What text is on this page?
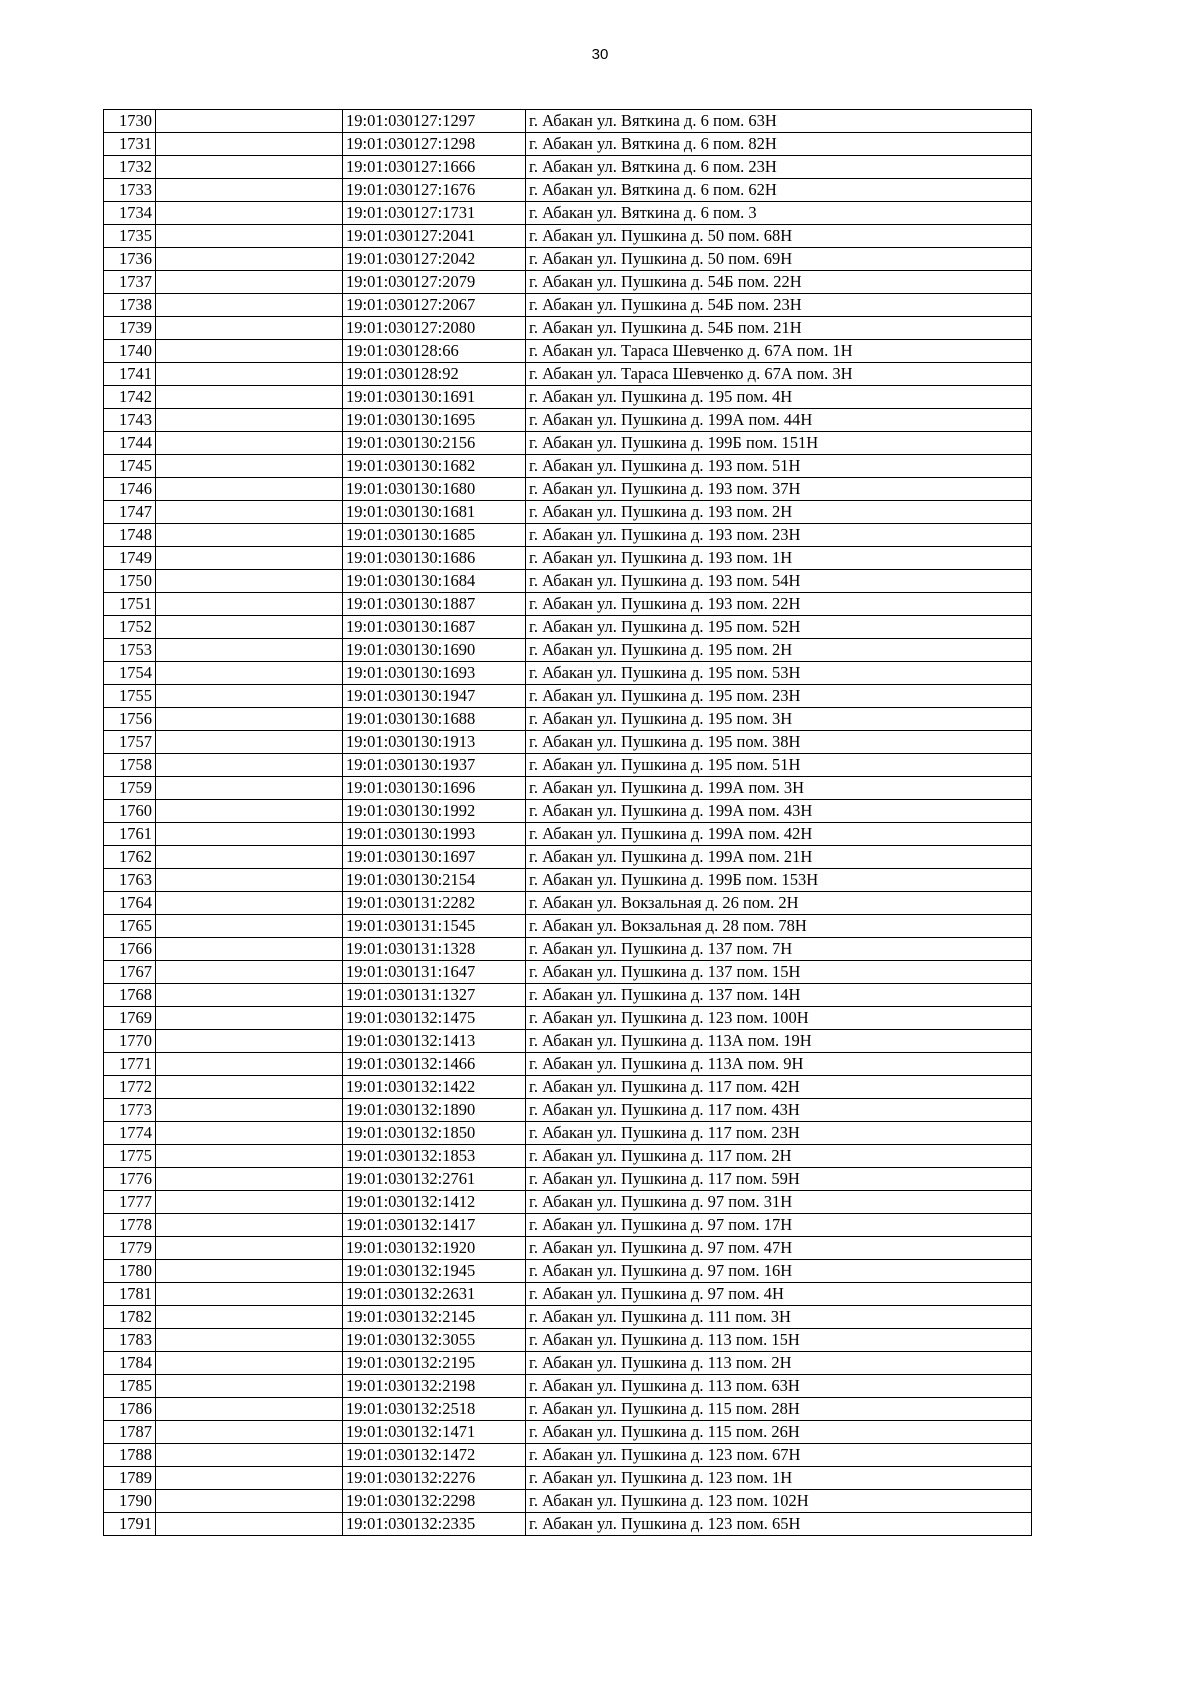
30
1730		19:01:030127:1297	г. Абакан ул. Вяткина д. 6 пом. 63Н
1731		19:01:030127:1298	г. Абакан ул. Вяткина д. 6 пом. 82Н
1732		19:01:030127:1666	г. Абакан ул. Вяткина д. 6 пом. 23Н
1733		19:01:030127:1676	г. Абакан ул. Вяткина д. 6 пом. 62Н
1734		19:01:030127:1731	г. Абакан ул. Вяткина д. 6 пом. 3
1735		19:01:030127:2041	г. Абакан ул. Пушкина д. 50 пом. 68Н
1736		19:01:030127:2042	г. Абакан ул. Пушкина д. 50 пом. 69Н
1737		19:01:030127:2079	г. Абакан ул. Пушкина д. 54Б пом. 22Н
1738		19:01:030127:2067	г. Абакан ул. Пушкина д. 54Б пом. 23Н
1739		19:01:030127:2080	г. Абакан ул. Пушкина д. 54Б пом. 21Н
1740		19:01:030128:66	г. Абакан ул. Тараса Шевченко д. 67А пом. 1Н
1741		19:01:030128:92	г. Абакан ул. Тараса Шевченко д. 67А пом. 3Н
1742		19:01:030130:1691	г. Абакан ул. Пушкина д. 195 пом. 4Н
1743		19:01:030130:1695	г. Абакан ул. Пушкина д. 199А пом. 44Н
1744		19:01:030130:2156	г. Абакан ул. Пушкина д. 199Б пом. 151Н
1745		19:01:030130:1682	г. Абакан ул. Пушкина д. 193 пом. 51Н
1746		19:01:030130:1680	г. Абакан ул. Пушкина д. 193 пом. 37Н
1747		19:01:030130:1681	г. Абакан ул. Пушкина д. 193 пом. 2Н
1748		19:01:030130:1685	г. Абакан ул. Пушкина д. 193 пом. 23Н
1749		19:01:030130:1686	г. Абакан ул. Пушкина д. 193 пом. 1Н
1750		19:01:030130:1684	г. Абакан ул. Пушкина д. 193 пом. 54Н
1751		19:01:030130:1887	г. Абакан ул. Пушкина д. 193 пом. 22Н
1752		19:01:030130:1687	г. Абакан ул. Пушкина д. 195 пом. 52Н
1753		19:01:030130:1690	г. Абакан ул. Пушкина д. 195 пом. 2Н
1754		19:01:030130:1693	г. Абакан ул. Пушкина д. 195 пом. 53Н
1755		19:01:030130:1947	г. Абакан ул. Пушкина д. 195 пом. 23Н
1756		19:01:030130:1688	г. Абакан ул. Пушкина д. 195 пом. 3Н
1757		19:01:030130:1913	г. Абакан ул. Пушкина д. 195 пом. 38Н
1758		19:01:030130:1937	г. Абакан ул. Пушкина д. 195 пом. 51Н
1759		19:01:030130:1696	г. Абакан ул. Пушкина д. 199А пом. 3Н
1760		19:01:030130:1992	г. Абакан ул. Пушкина д. 199А пом. 43Н
1761		19:01:030130:1993	г. Абакан ул. Пушкина д. 199А пом. 42Н
1762		19:01:030130:1697	г. Абакан ул. Пушкина д. 199А пом. 21Н
1763		19:01:030130:2154	г. Абакан ул. Пушкина д. 199Б пом. 153Н
1764		19:01:030131:2282	г. Абакан ул. Вокзальная д. 26 пом. 2Н
1765		19:01:030131:1545	г. Абакан ул. Вокзальная д. 28 пом. 78Н
1766		19:01:030131:1328	г. Абакан ул. Пушкина д. 137 пом. 7Н
1767		19:01:030131:1647	г. Абакан ул. Пушкина д. 137 пом. 15Н
1768		19:01:030131:1327	г. Абакан ул. Пушкина д. 137 пом. 14Н
1769		19:01:030132:1475	г. Абакан ул. Пушкина д. 123 пом. 100Н
1770		19:01:030132:1413	г. Абакан ул. Пушкина д. 113А пом. 19Н
1771		19:01:030132:1466	г. Абакан ул. Пушкина д. 113А пом. 9Н
1772		19:01:030132:1422	г. Абакан ул. Пушкина д. 117 пом. 42Н
1773		19:01:030132:1890	г. Абакан ул. Пушкина д. 117 пом. 43Н
1774		19:01:030132:1850	г. Абакан ул. Пушкина д. 117 пом. 23Н
1775		19:01:030132:1853	г. Абакан ул. Пушкина д. 117 пом. 2Н
1776		19:01:030132:2761	г. Абакан ул. Пушкина д. 117 пом. 59Н
1777		19:01:030132:1412	г. Абакан ул. Пушкина д. 97 пом. 31Н
1778		19:01:030132:1417	г. Абакан ул. Пушкина д. 97 пом. 17Н
1779		19:01:030132:1920	г. Абакан ул. Пушкина д. 97 пом. 47Н
1780		19:01:030132:1945	г. Абакан ул. Пушкина д. 97 пом. 16Н
1781		19:01:030132:2631	г. Абакан ул. Пушкина д. 97 пом. 4Н
1782		19:01:030132:2145	г. Абакан ул. Пушкина д. 111 пом. 3Н
1783		19:01:030132:3055	г. Абакан ул. Пушкина д. 113 пом. 15Н
1784		19:01:030132:2195	г. Абакан ул. Пушкина д. 113 пом. 2Н
1785		19:01:030132:2198	г. Абакан ул. Пушкина д. 113 пом. 63Н
1786		19:01:030132:2518	г. Абакан ул. Пушкина д. 115 пом. 28Н
1787		19:01:030132:1471	г. Абакан ул. Пушкина д. 115 пом. 26Н
1788		19:01:030132:1472	г. Абакан ул. Пушкина д. 123 пом. 67Н
1789		19:01:030132:2276	г. Абакан ул. Пушкина д. 123 пом. 1Н
1790		19:01:030132:2298	г. Абакан ул. Пушкина д. 123 пом. 102Н
1791		19:01:030132:2335	г. Абакан ул. Пушкина д. 123 пом. 65Н
